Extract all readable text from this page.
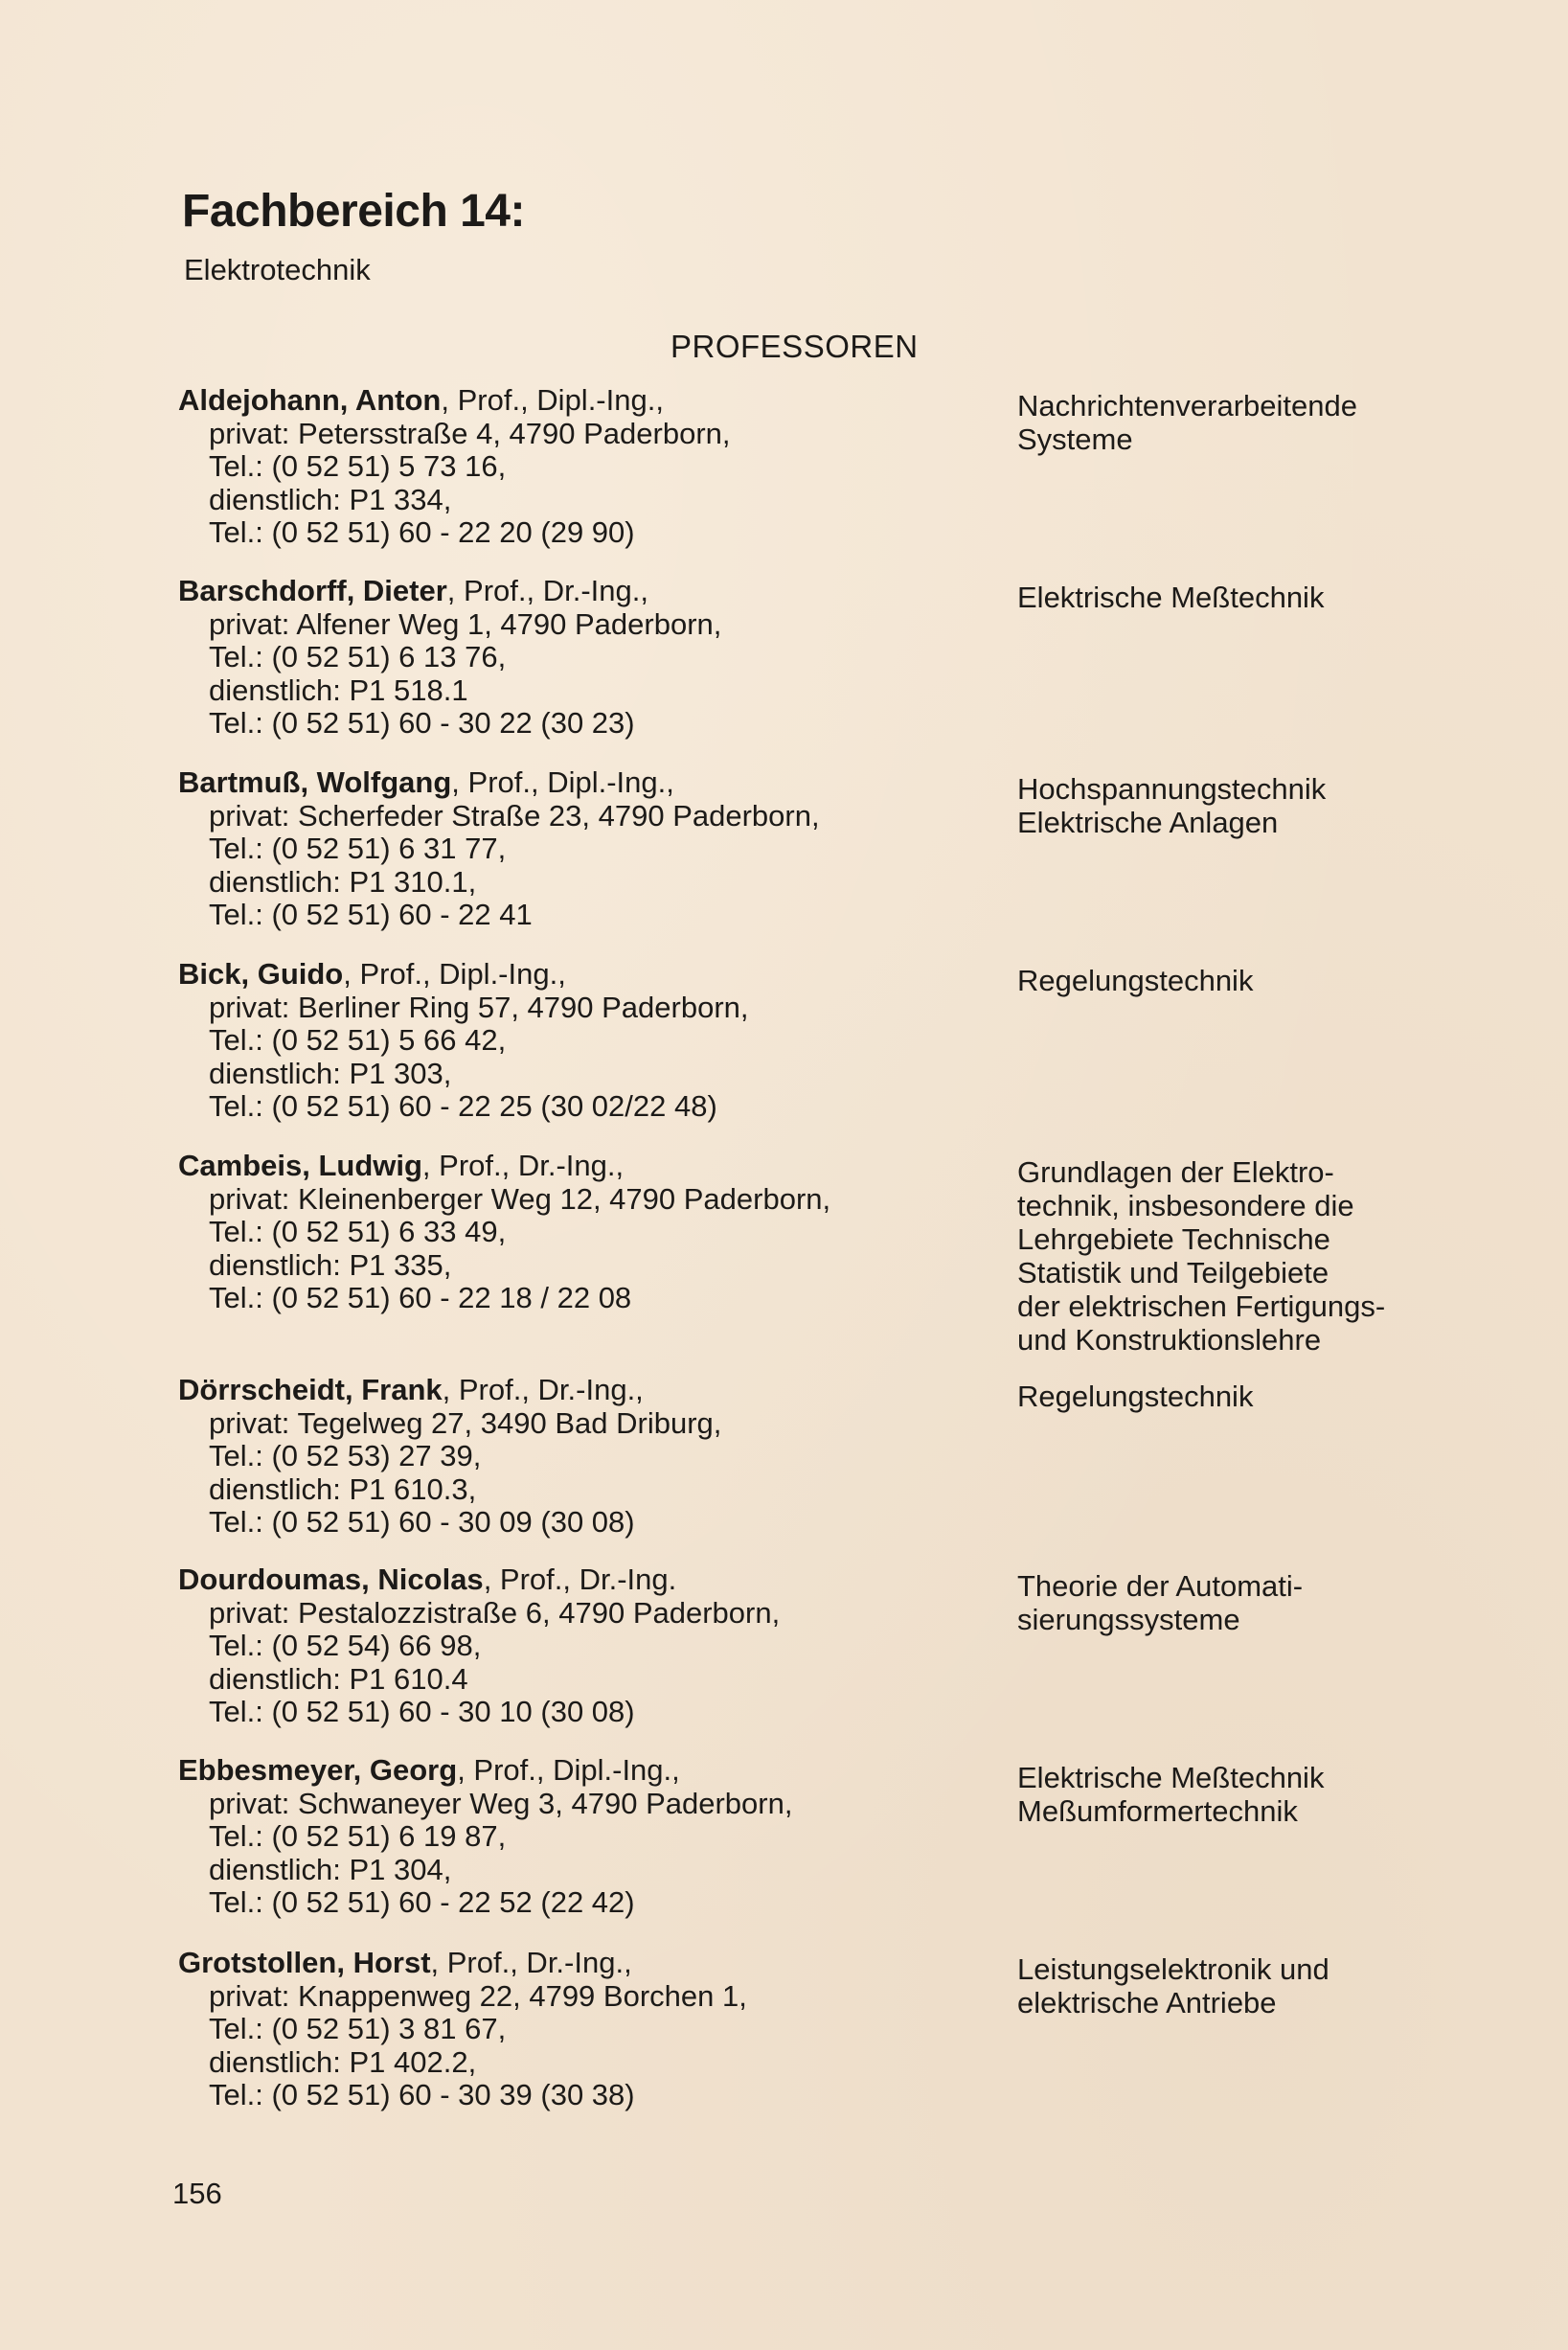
Fachbereich 14:
Elektrotechnik
PROFESSOREN
Aldejohann, Anton, Prof., Dipl.-Ing.,
privat: Petersstraße 4, 4790 Paderborn,
Tel.: (0 52 51) 5 73 16,
dienstlich: P1 334,
Tel.: (0 52 51) 60 - 22 20 (29 90)
Nachrichtenverarbeitende
Systeme
Barschdorff, Dieter, Prof., Dr.-Ing.,
privat: Alfener Weg 1, 4790 Paderborn,
Tel.: (0 52 51) 6 13 76,
dienstlich: P1 518.1
Tel.: (0 52 51) 60 - 30 22 (30 23)
Elektrische Meßtechnik
Bartmuß, Wolfgang, Prof., Dipl.-Ing.,
privat: Scherfeder Straße 23, 4790 Paderborn,
Tel.: (0 52 51) 6 31 77,
dienstlich: P1 310.1,
Tel.: (0 52 51) 60 - 22 41
Hochspannungstechnik
Elektrische Anlagen
Bick, Guido, Prof., Dipl.-Ing.,
privat: Berliner Ring 57, 4790 Paderborn,
Tel.: (0 52 51) 5 66 42,
dienstlich: P1 303,
Tel.: (0 52 51) 60 - 22 25 (30 02/22 48)
Regelungstechnik
Cambeis, Ludwig, Prof., Dr.-Ing.,
privat: Kleinenberger Weg 12, 4790 Paderborn,
Tel.: (0 52 51) 6 33 49,
dienstlich: P1 335,
Tel.: (0 52 51) 60 - 22 18 / 22 08
Grundlagen der Elektro-
technik, insbesondere die
Lehrgebiete Technische
Statistik und Teilgebiete
der elektrischen Fertigungs-
und Konstruktionslehre
Dörrscheidt, Frank, Prof., Dr.-Ing.,
privat: Tegelweg 27, 3490 Bad Driburg,
Tel.: (0 52 53) 27 39,
dienstlich: P1 610.3,
Tel.: (0 52 51) 60 - 30 09 (30 08)
Regelungstechnik
Dourdoumas, Nicolas, Prof., Dr.-Ing.
privat: Pestalozzistraße 6, 4790 Paderborn,
Tel.: (0 52 54) 66 98,
dienstlich: P1 610.4
Tel.: (0 52 51) 60 - 30 10 (30 08)
Theorie der Automati-
sierungssysteme
Ebbesmeyer, Georg, Prof., Dipl.-Ing.,
privat: Schwaneyer Weg 3, 4790 Paderborn,
Tel.: (0 52 51) 6 19 87,
dienstlich: P1 304,
Tel.: (0 52 51) 60 - 22 52 (22 42)
Elektrische Meßtechnik
Meßumformertechnik
Grotstollen, Horst, Prof., Dr.-Ing.,
privat: Knappenweg 22, 4799 Borchen 1,
Tel.: (0 52 51) 3 81 67,
dienstlich: P1 402.2,
Tel.: (0 52 51) 60 - 30 39 (30 38)
Leistungselektronik und
elektrische Antriebe
156
